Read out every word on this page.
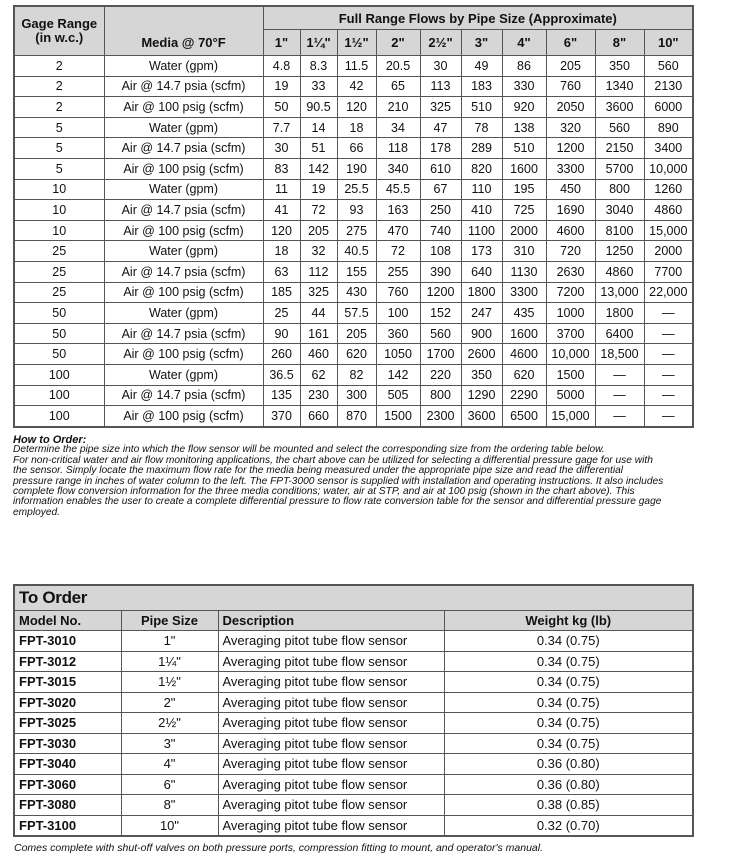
Gage Range
(in w.c.)	Media @ 70°F	Full Range Flows by Pipe Size (Approximate)									
		1"	1¼"	1½"	2"	2½"	3"	4"	6"	8"	10"
2	Water (gpm)	4.8	8.3	11.5	20.5	30	49	86	205	350	560
2	Air @ 14.7 psia (scfm)	19	33	42	65	113	183	330	760	1340	2130
2	Air @ 100 psig (scfm)	50	90.5	120	210	325	510	920	2050	3600	6000
5	Water (gpm)	7.7	14	18	34	47	78	138	320	560	890
5	Air @ 14.7 psia (scfm)	30	51	66	118	178	289	510	1200	2150	3400
5	Air @ 100 psig (scfm)	83	142	190	340	610	820	1600	3300	5700	10,000
10	Water (gpm)	11	19	25.5	45.5	67	110	195	450	800	1260
10	Air @ 14.7 psia (scfm)	41	72	93	163	250	410	725	1690	3040	4860
10	Air @ 100 psig (scfm)	120	205	275	470	740	1100	2000	4600	8100	15,000
25	Water (gpm)	18	32	40.5	72	108	173	310	720	1250	2000
25	Air @ 14.7 psia (scfm)	63	112	155	255	390	640	1130	2630	4860	7700
25	Air @ 100 psig (scfm)	185	325	430	760	1200	1800	3300	7200	13,000	22,000
50	Water (gpm)	25	44	57.5	100	152	247	435	1000	1800	—
50	Air @ 14.7 psia (scfm)	90	161	205	360	560	900	1600	3700	6400	—
50	Air @ 100 psig (scfm)	260	460	620	1050	1700	2600	4600	10,000	18,500	—
100	Water (gpm)	36.5	62	82	142	220	350	620	1500	—	—
100	Air @ 14.7 psia (scfm)	135	230	300	505	800	1290	2290	5000	—	—
100	Air @ 100 psig (scfm)	370	660	870	1500	2300	3600	6500	15,000	—	—
How to Order:
Determine the pipe size into which the flow sensor will be mounted and select the corresponding size from the ordering table below.
For non-critical water and air flow monitoring applications, the chart above can be utilized for selecting a differential pressure gage for use with
the sensor. Simply locate the maximum flow rate for the media being measured under the appropriate pipe size and read the differential
pressure range in inches of water column to the left. The FPT-3000 sensor is supplied with installation and operating instructions. It also includes
complete flow conversion information for the three media conditions; water, air at STP, and air at 100 psig (shown in the chart above). This
information enables the user to create a complete differential pressure to flow rate conversion table for the sensor and differential pressure gage
employed.
To Order			
Model No.	Pipe Size	Description	Weight kg (lb)
FPT-3010	1"	Averaging pitot tube flow sensor	0.34 (0.75)
FPT-3012	1¼"	Averaging pitot tube flow sensor	0.34 (0.75)
FPT-3015	1½"	Averaging pitot tube flow sensor	0.34 (0.75)
FPT-3020	2"	Averaging pitot tube flow sensor	0.34 (0.75)
FPT-3025	2½"	Averaging pitot tube flow sensor	0.34 (0.75)
FPT-3030	3"	Averaging pitot tube flow sensor	0.34 (0.75)
FPT-3040	4"	Averaging pitot tube flow sensor	0.36 (0.80)
FPT-3060	6"	Averaging pitot tube flow sensor	0.36 (0.80)
FPT-3080	8"	Averaging pitot tube flow sensor	0.38 (0.85)
FPT-3100	10"	Averaging pitot tube flow sensor	0.32 (0.70)
Comes complete with shut-off valves on both pressure ports, compression fitting to mount, and operator's manual.
